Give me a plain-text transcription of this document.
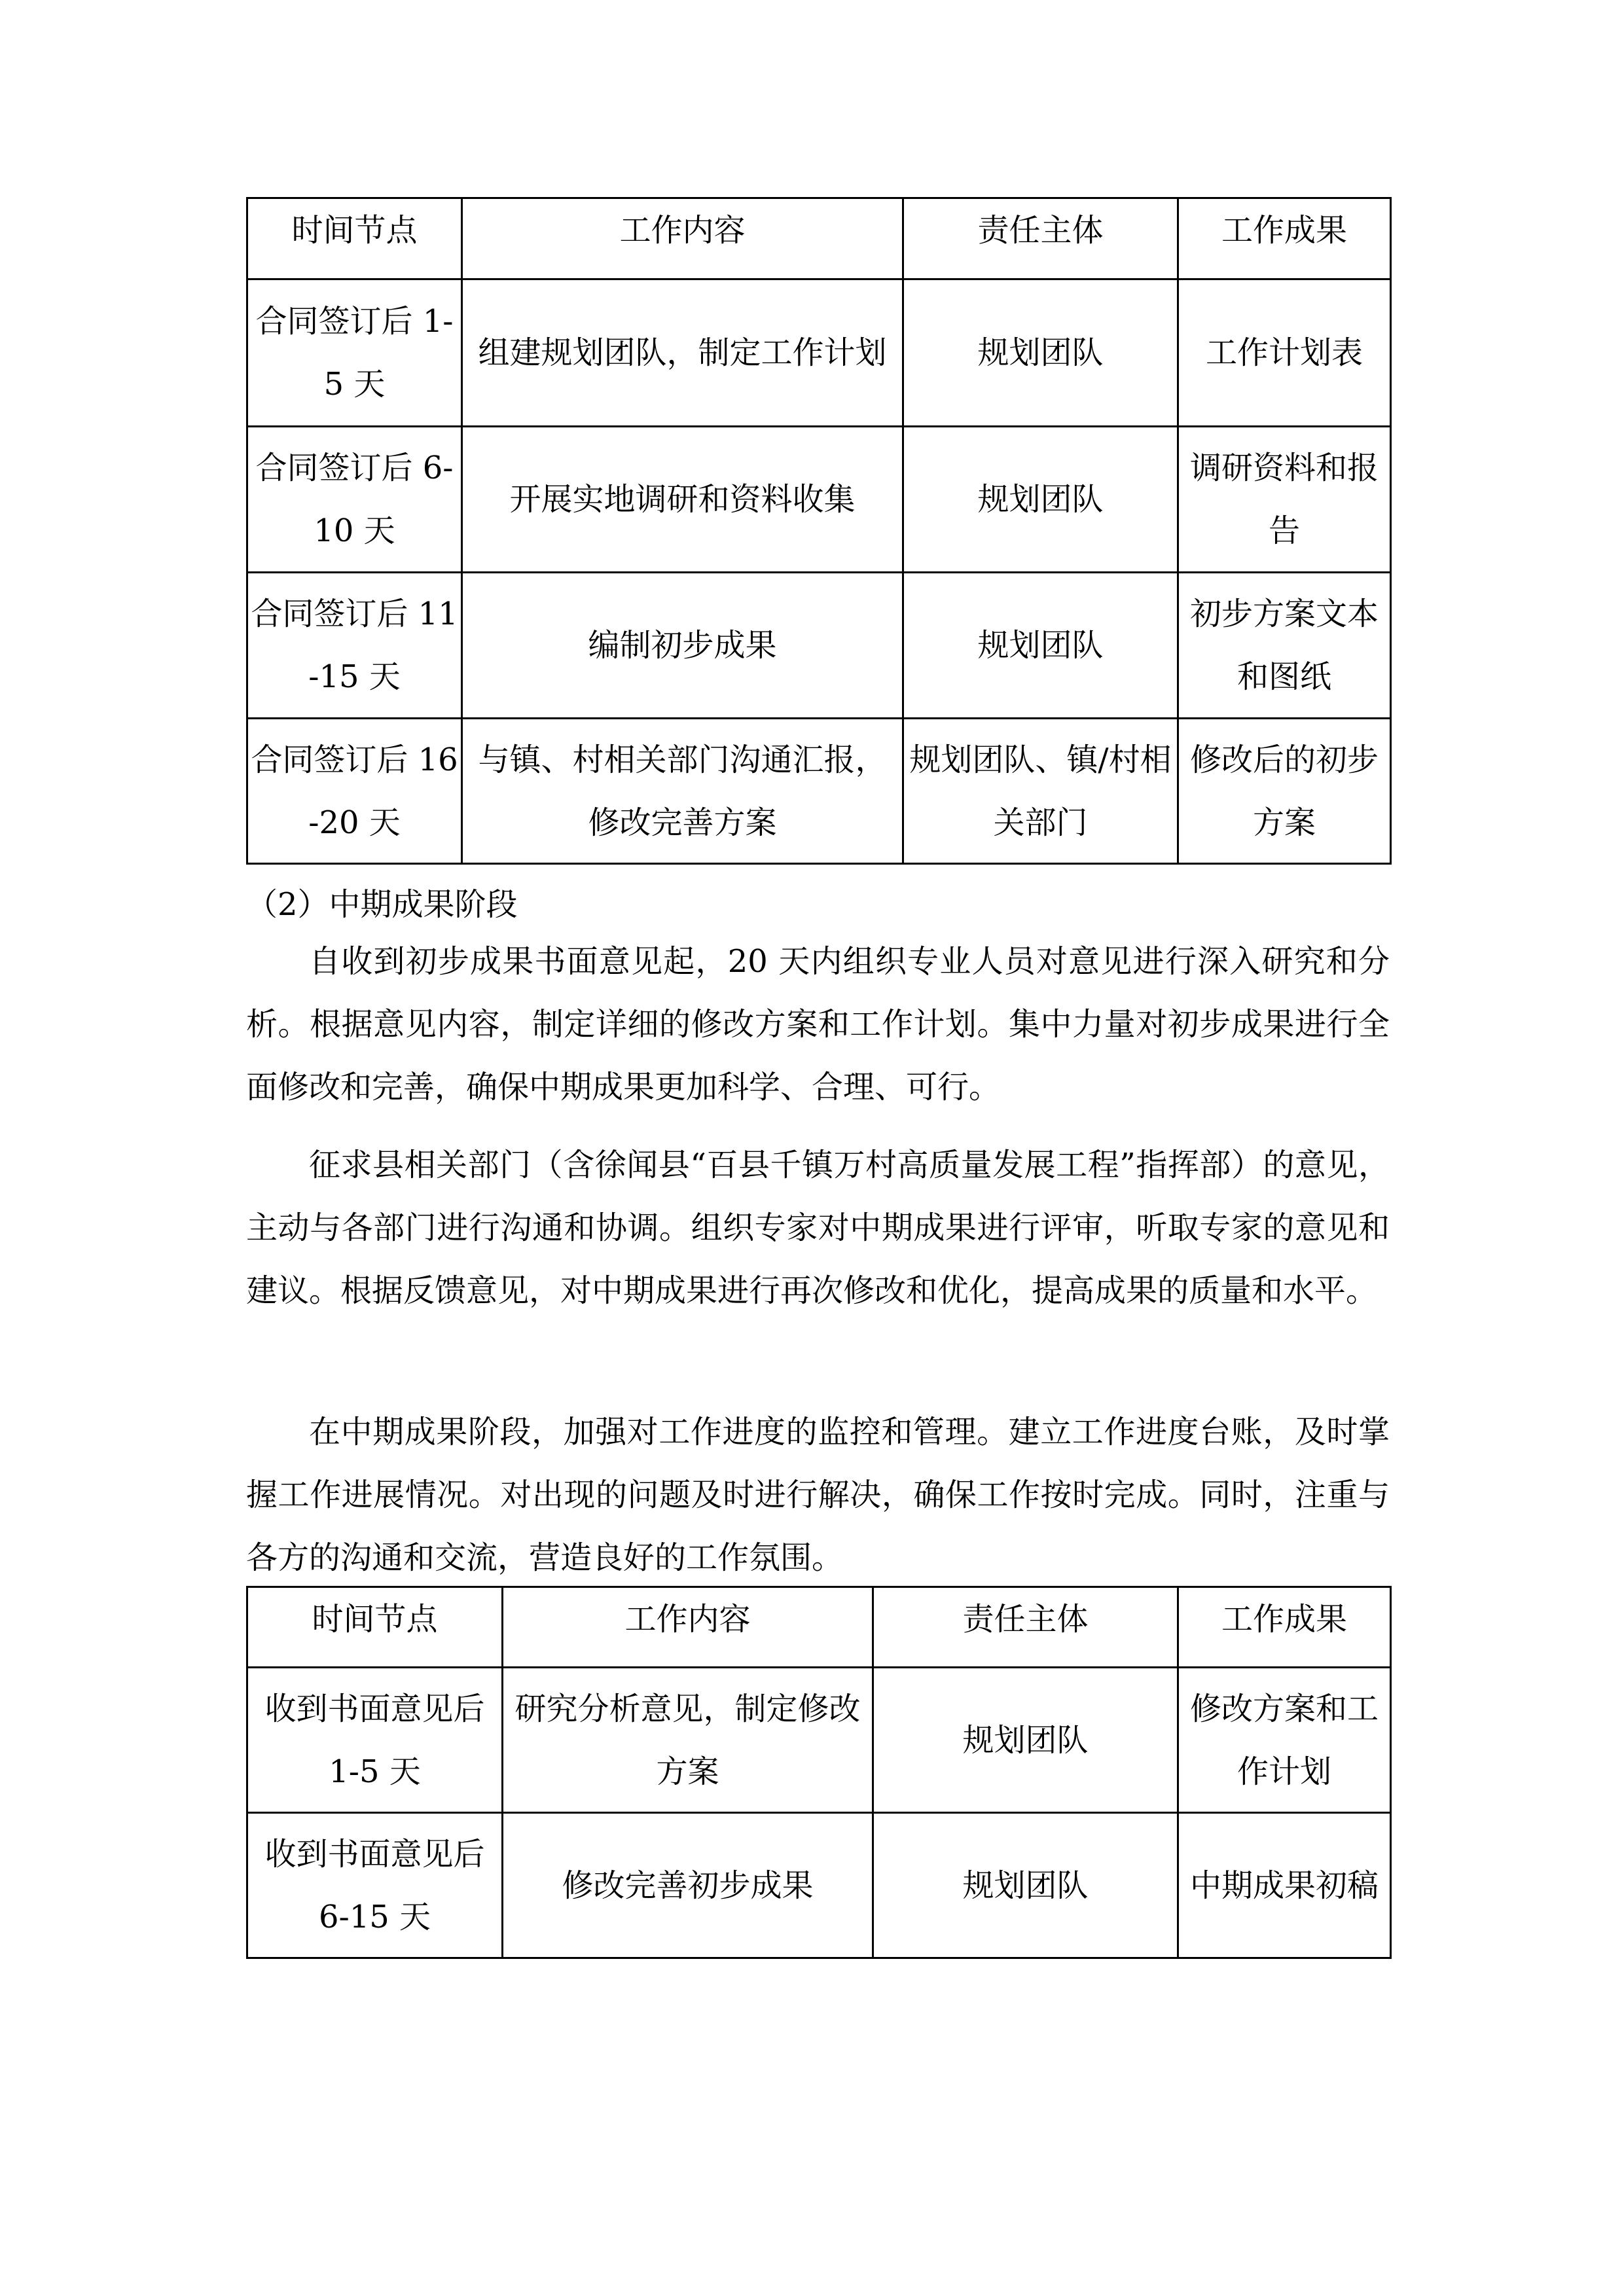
时间节点	工作内容	责任主体	工作成果
合同签订后 1-5 天	组建规划团队，制定工作计划	规划团队	工作计划表
合同签订后 6-10 天	开展实地调研和资料收集	规划团队	调研资料和报告
合同签订后 11-15 天	编制初步成果	规划团队	初步方案文本和图纸
合同签订后 16-20 天	与镇、村相关部门沟通汇报，修改完善方案	规划团队、镇/村相关部门	修改后的初步方案
（2）中期成果阶段

自收到初步成果书面意见起，20 天内组织专业人员对意见进行深入研究和分析。根据意见内容，制定详细的修改方案和工作计划。集中力量对初步成果进行全面修改和完善，确保中期成果更加科学、合理、可行。

征求县相关部门（含徐闻县“百县千镇万村高质量发展工程”指挥部）的意见，主动与各部门进行沟通和协调。组织专家对中期成果进行评审，听取专家的意见和建议。根据反馈意见，对中期成果进行再次修改和优化，提高成果的质量和水平。

在中期成果阶段，加强对工作进度的监控和管理。建立工作进度台账，及时掌握工作进展情况。对出现的问题及时进行解决，确保工作按时完成。同时，注重与各方的沟通和交流，营造良好的工作氛围。

时间节点	工作内容	责任主体	工作成果
收到书面意见后 1-5 天	研究分析意见，制定修改方案	规划团队	修改方案和工作计划
收到书面意见后 6-15 天	修改完善初步成果	规划团队	中期成果初稿
